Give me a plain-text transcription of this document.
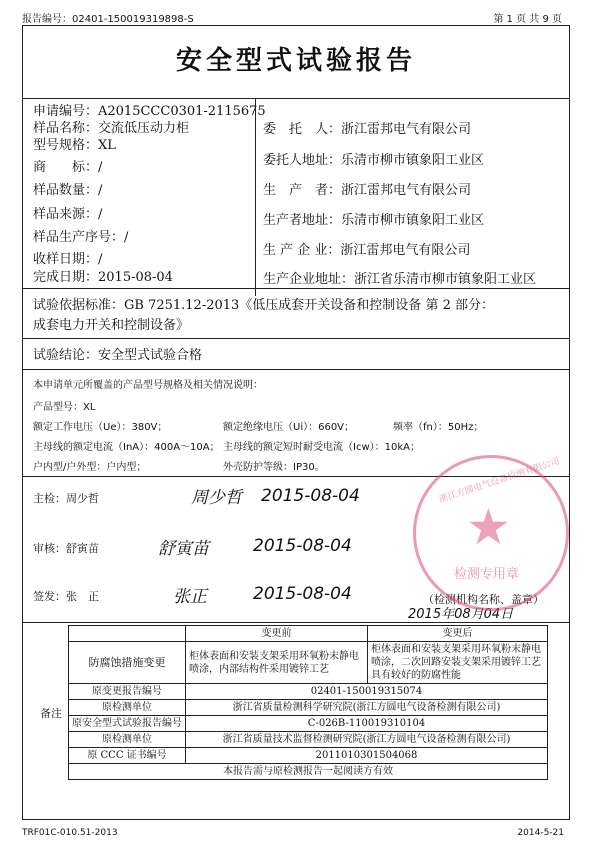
报告编号：02401-150019319898-S	第 1 页 共 9 页
安全型式试验报告
申请编号：A2015CCC0301-2115675
样品名称：交流低压动力柜
型号规格：XL
商　　标：/
样品数量：/
样品来源：/
样品生产序号：/
收样日期：/
完成日期：2015-08-04
委　托　人：浙江雷邦电气有限公司
委托人地址：乐清市柳市镇象阳工业区
生　产　者：浙江雷邦电气有限公司
生产者地址：乐清市柳市镇象阳工业区
生 产 企 业：浙江雷邦电气有限公司
生产企业地址：浙江省乐清市柳市镇象阳工业区
试验依据标准：GB 7251.12-2013《低压成套开关设备和控制设备 第 2 部分：
成套电力开关和控制设备》
试验结论：安全型式试验合格
本申请单元所覆盖的产品型号规格及相关情况说明：
产品型号：XL
额定工作电压（Ue）：380V；	额定绝缘电压（Ui）：660V；	频率（fn）：50Hz；
主母线的额定电流（InA）：400A～10A； 主母线的额定短时耐受电流（Icw）：10kA；
户内型/户外型：户内型；	外壳防护等级：IP30。
主检：周少哲	周少哲 2015-08-04
审核：舒寅苗	舒寅苗	2015-08-04
签发：张　正	张正	2015-08-04	（检测机构名称、盖章）
2015年08月04日
浙江方圆电气设备检测有限公司
★
检测专用章
备注
	变更前	变更后
防腐蚀措施变更	柜体表面和安装支架采用环氧粉末静电喷涂，内部结构件采用镀锌工艺	柜体表面和安装支架采用环氧粉末静电喷涂，二次回路安装支架采用镀锌工艺具有较好的防腐性能
原变更报告编号	02401-150019315074	
原检测单位	浙江省质量检测科学研究院(浙江方圆电气设备检测有限公司)	
原安全型式试验报告编号	C-026B-110019310104	
原检测单位	浙江省质量技术监督检测研究院(浙江方圆电气设备检测有限公司)	
原 CCC 证书编号	2011010301504068	
本报告需与原检测报告一起阅读方有效		
TRF01C-010.51-2013	2014-5-21
